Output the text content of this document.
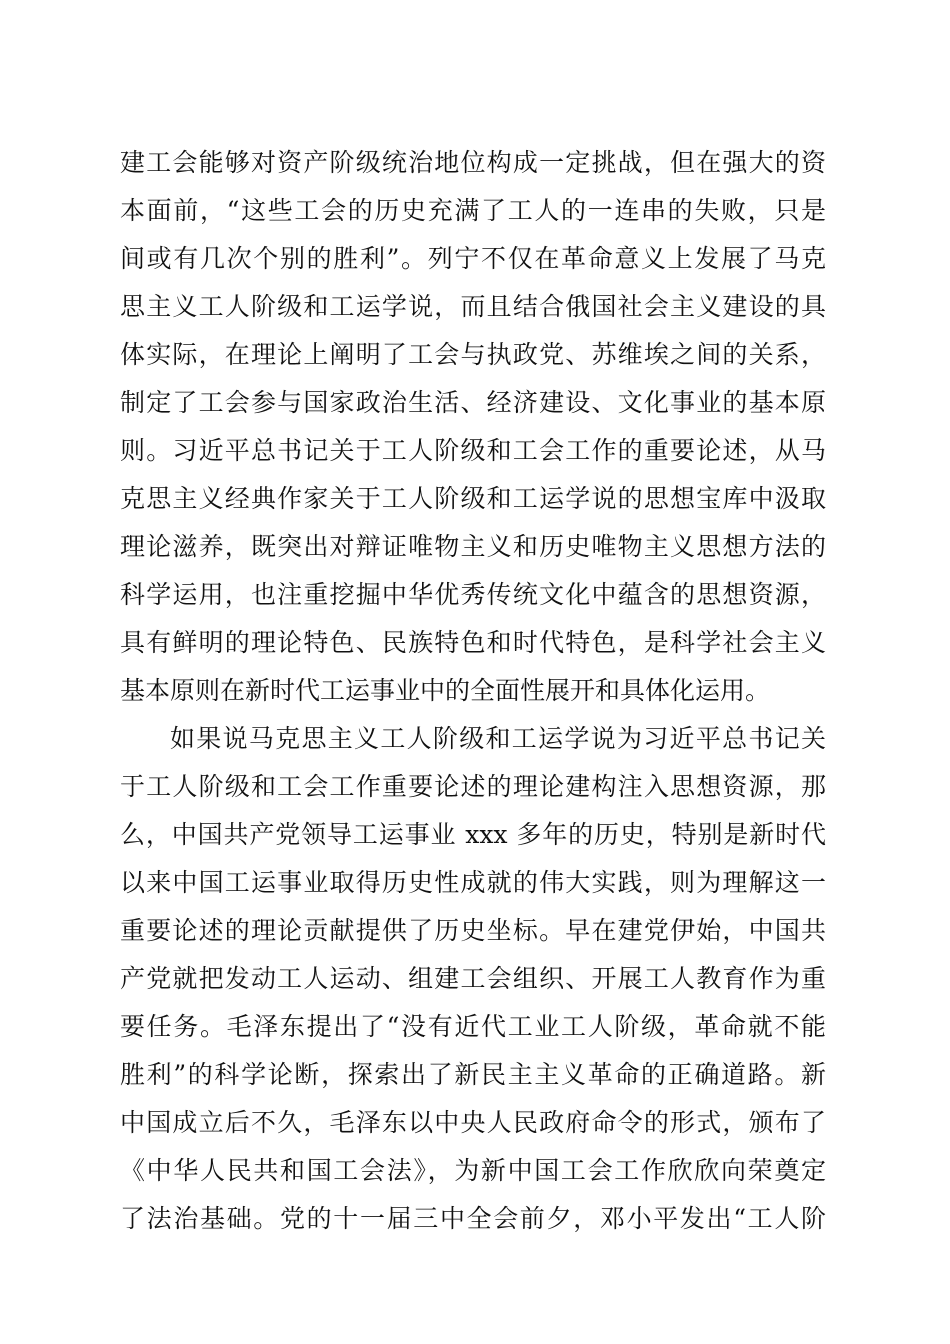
建工会能够对资产阶级统治地位构成一定挑战，但在强大的资
本面前，“这些工会的历史充满了工人的一连串的失败，只是
间或有几次个别的胜利”。列宁不仅在革命意义上发展了马克
思主义工人阶级和工运学说，而且结合俄国社会主义建设的具
体实际，在理论上阐明了工会与执政党、苏维埃之间的关系，
制定了工会参与国家政治生活、经济建设、文化事业的基本原
则。习近平总书记关于工人阶级和工会工作的重要论述，从马
克思主义经典作家关于工人阶级和工运学说的思想宝库中汲取
理论滋养，既突出对辩证唯物主义和历史唯物主义思想方法的
科学运用，也注重挖掘中华优秀传统文化中蕴含的思想资源，
具有鲜明的理论特色、民族特色和时代特色，是科学社会主义
基本原则在新时代工运事业中的全面性展开和具体化运用。
如果说马克思主义工人阶级和工运学说为习近平总书记关
于工人阶级和工会工作重要论述的理论建构注入思想资源，那
么，中国共产党领导工运事业 xxx 多年的历史，特别是新时代
以来中国工运事业取得历史性成就的伟大实践，则为理解这一
重要论述的理论贡献提供了历史坐标。早在建党伊始，中国共
产党就把发动工人运动、组建工会组织、开展工人教育作为重
要任务。毛泽东提出了“没有近代工业工人阶级，革命就不能
胜利”的科学论断，探索出了新民主主义革命的正确道路。新
中国成立后不久，毛泽东以中央人民政府命令的形式，颁布了
《中华人民共和国工会法》，为新中国工会工作欣欣向荣奠定
了法治基础。党的十一届三中全会前夕，邓小平发出“工人阶
